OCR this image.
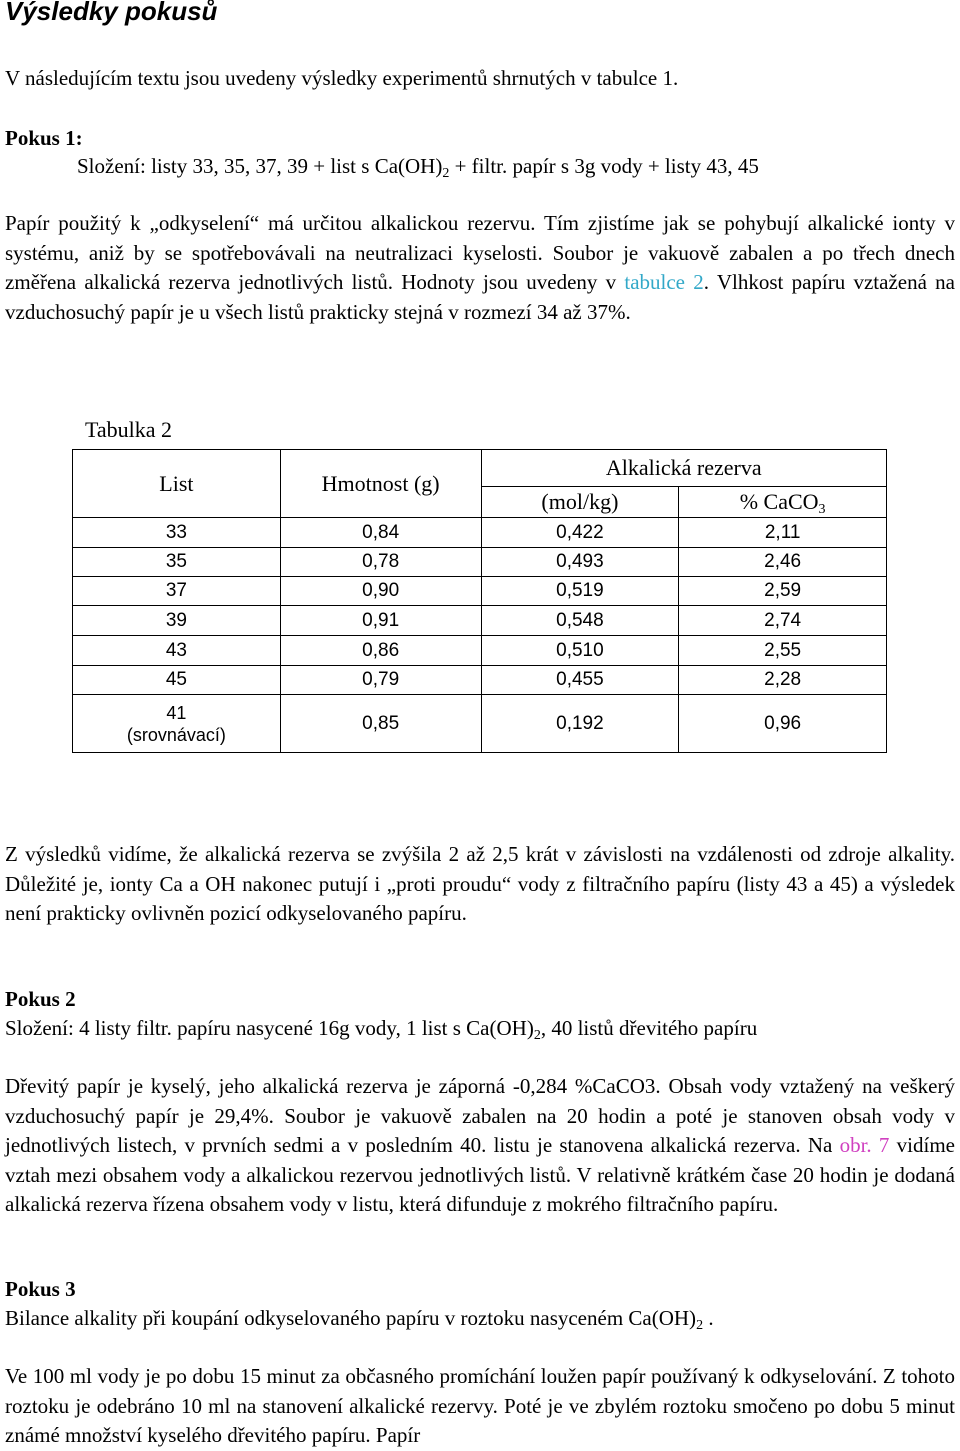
Výsledky pokusů
V následujícím textu jsou uvedeny výsledky experimentů shrnutých v tabulce 1.
Pokus 1:
Složení: listy 33, 35, 37, 39 + list s $Ca(OH)_2$ + filtr. papír s 3g vody + listy 43, 45
Papír použitý k „odkyselení“ má určitou alkalickou rezervu. Tím zjistíme jak se pohybují alkalické ionty v systému, aniž by se spotřebovávali na neutralizaci kyselosti. Soubor je vakuově zabalen a po třech dnech změřena alkalická rezerva jednotlivých listů. Hodnoty jsou uvedeny v tabulce 2. Vlhkost papíru vztažená na vzduchosuchý papír je u všech listů prakticky stejná v rozmezí 34 až 37%.
Tabulka 2
List	Hmotnost (g)	Alkalická rezerva	
		(mol/kg)	% CaCO$_3$
33	0,84	0,422	2,11
35	0,78	0,493	2,46
37	0,90	0,519	2,59
39	0,91	0,548	2,74
43	0,86	0,510	2,55
45	0,79	0,455	2,28

41
(srovnávací)	0,85	0,192	0,96
Z výsledků vidíme, že alkalická rezerva se zvýšila 2 až 2,5 krát v závislosti na vzdálenosti od zdroje alkality. Důležité je, ionty Ca a OH nakonec putují i „proti proudu“ vody z filtračního papíru (listy 43 a 45) a výsledek není prakticky ovlivněn pozicí odkyselovaného papíru.
Pokus 2
Složení: 4 listy filtr. papíru nasycené 16g vody, 1 list s $Ca(OH)_2$, 40 listů dřevitého papíru
Dřevitý papír je kyselý, jeho alkalická rezerva je záporná -0,284 %CaCO3. Obsah vody vztažený na veškerý vzduchosuchý papír je 29,4%. Soubor je vakuově zabalen na 20 hodin a poté je stanoven obsah vody v jednotlivých listech, v prvních sedmi a v posledním 40. listu je stanovena alkalická rezerva. Na obr. 7 vidíme vztah mezi obsahem vody a alkalickou rezervou jednotlivých listů. V relativně krátkém čase 20 hodin je dodaná alkalická rezerva řízena obsahem vody v listu, která difunduje z mokrého filtračního papíru.
Pokus 3
Bilance alkality při koupání odkyselovaného papíru v roztoku nasyceném $Ca(OH)_2$ .
Ve 100 ml vody je po dobu 15 minut za občasného promíchání loužen papír používaný k odkyselování. Z tohoto roztoku je odebráno 10 ml na stanovení alkalické rezervy. Poté je ve zbylém roztoku smočeno po dobu 5 minut známé množství kyselého dřevitého papíru. Papír
